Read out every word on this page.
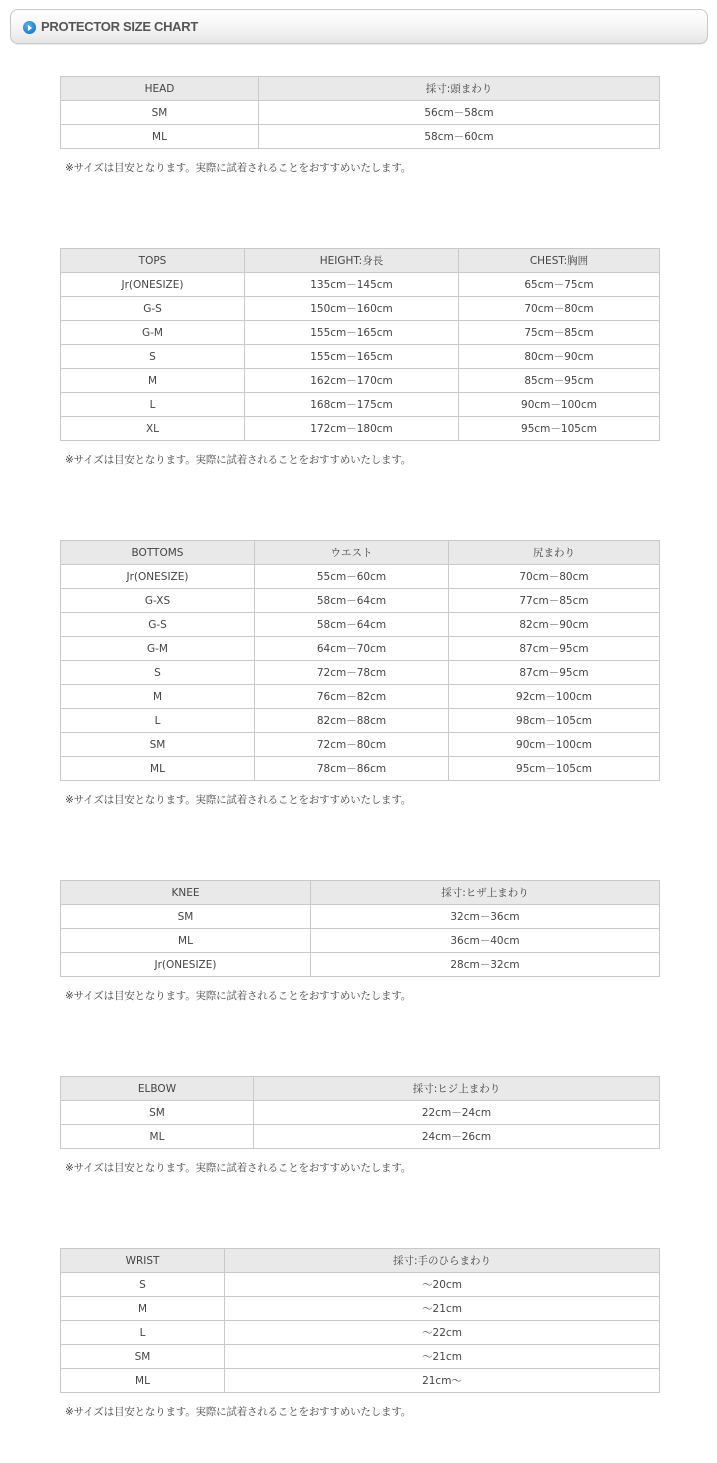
PROTECTOR SIZE CHART
HEAD	採寸:頭まわり
SM	56cm－58cm
ML	58cm－60cm
※サイズは目安となります。実際に試着されることをおすすめいたします。
TOPS	HEIGHT:身長	CHEST:胸囲
Jr(ONESIZE)	135cm－145cm	65cm－75cm
G-S	150cm－160cm	70cm－80cm
G-M	155cm－165cm	75cm－85cm
S	155cm－165cm	80cm－90cm
M	162cm－170cm	85cm－95cm
L	168cm－175cm	90cm－100cm
XL	172cm－180cm	95cm－105cm
※サイズは目安となります。実際に試着されることをおすすめいたします。
BOTTOMS	ウエスト	尻まわり
Jr(ONESIZE)	55cm－60cm	70cm－80cm
G-XS	58cm－64cm	77cm－85cm
G-S	58cm－64cm	82cm－90cm
G-M	64cm－70cm	87cm－95cm
S	72cm－78cm	87cm－95cm
M	76cm－82cm	92cm－100cm
L	82cm－88cm	98cm－105cm
SM	72cm－80cm	90cm－100cm
ML	78cm－86cm	95cm－105cm
※サイズは目安となります。実際に試着されることをおすすめいたします。
KNEE	採寸:ヒザ上まわり
SM	32cm－36cm
ML	36cm－40cm
Jr(ONESIZE)	28cm－32cm
※サイズは目安となります。実際に試着されることをおすすめいたします。
ELBOW	採寸:ヒジ上まわり
SM	22cm－24cm
ML	24cm－26cm
※サイズは目安となります。実際に試着されることをおすすめいたします。
WRIST	採寸:手のひらまわり
S	～20cm
M	～21cm
L	～22cm
SM	～21cm
ML	21cm～
※サイズは目安となります。実際に試着されることをおすすめいたします。
